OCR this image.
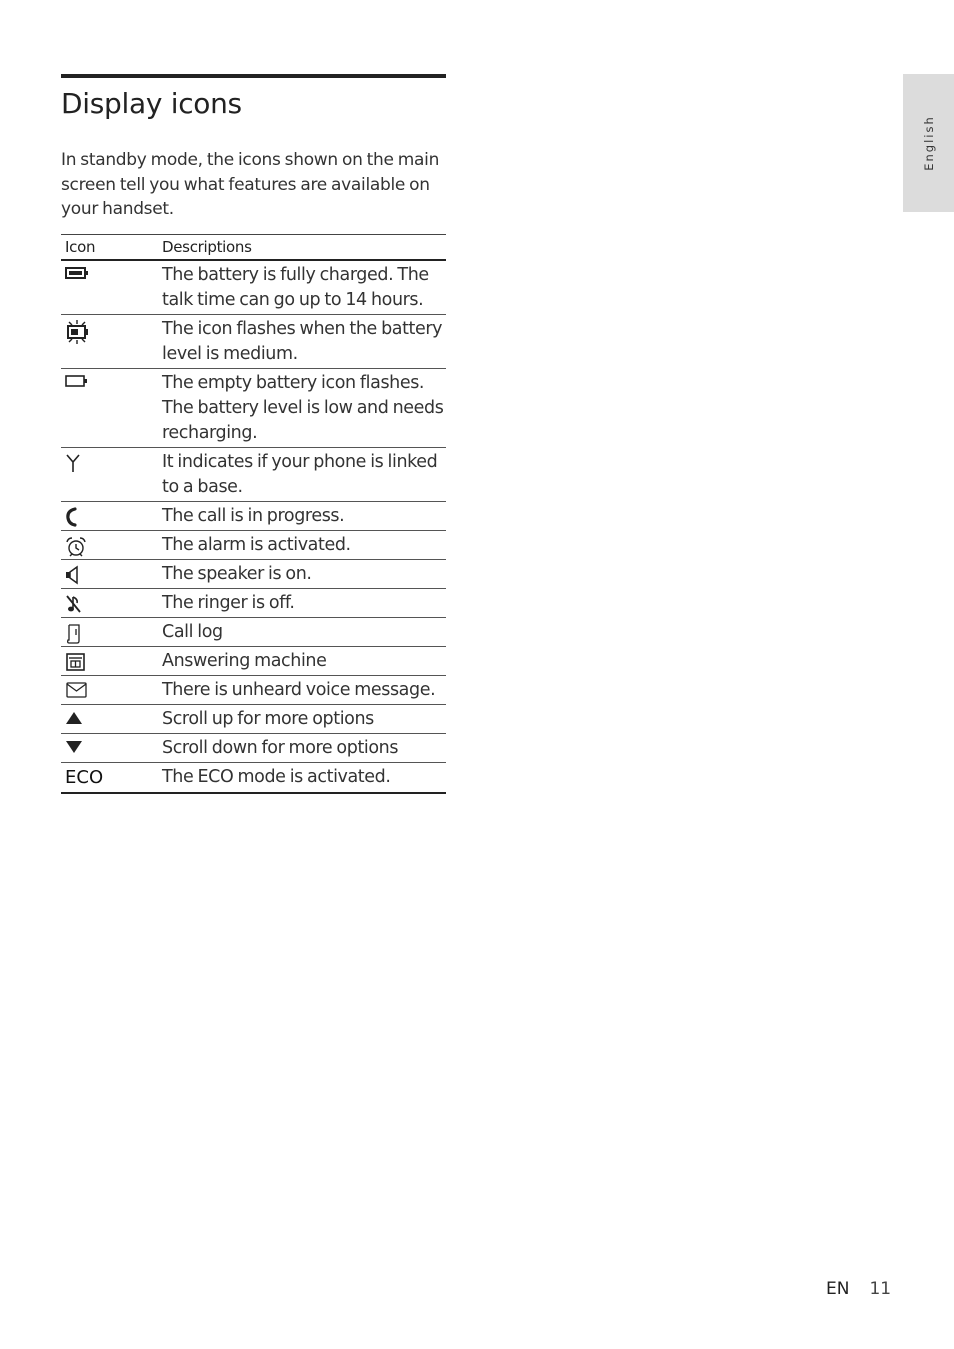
Display icons
In standby mode, the icons shown on the main screen tell you what features are available on your handset.
Icon	Descriptions

	The battery is fully charged. The talk time can go up to 14 hours.

	The icon flashes when the battery level is medium.

	The empty battery icon flashes. The battery level is low and needs recharging.

	It indicates if your phone is linked to a base.

	The call is in progress.

	The alarm is activated.

	The speaker is on.

	The ringer is off.

	Call log

	Answering machine

	There is unheard voice message.

	Scroll up for more options

	Scroll down for more options
ECO	The ECO mode is activated.
English
EN 11
